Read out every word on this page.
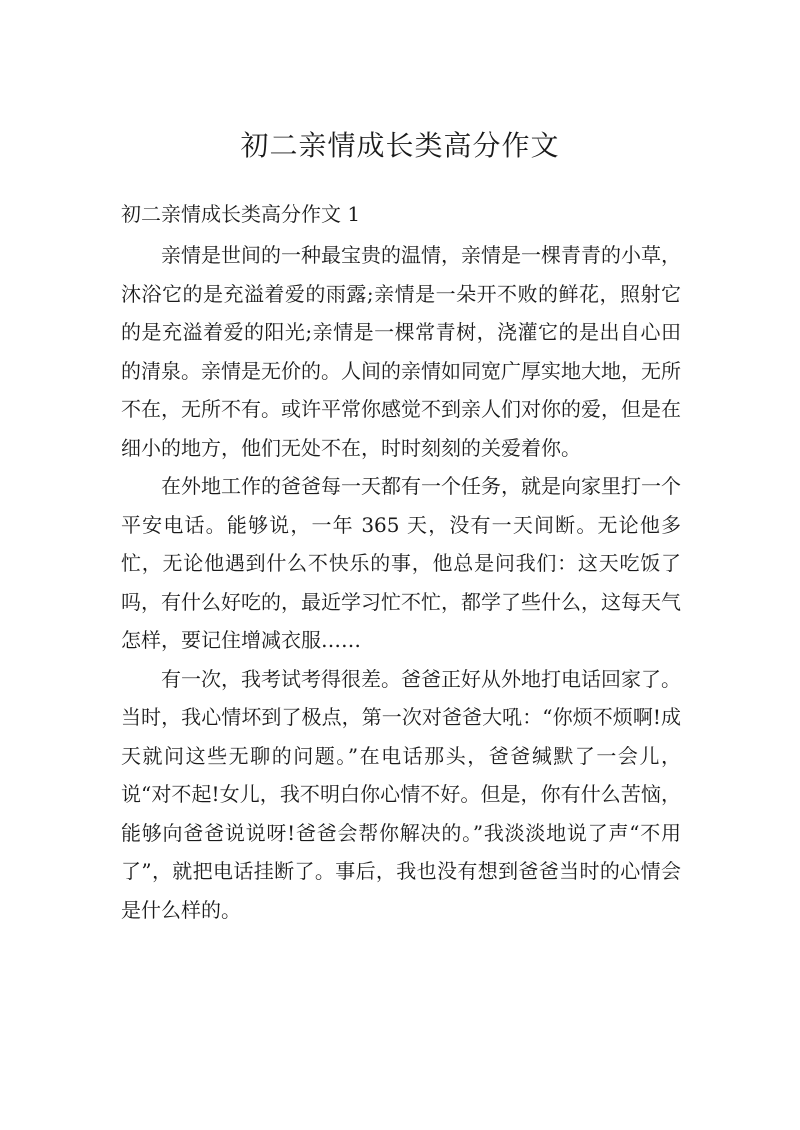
初二亲情成长类高分作文

初二亲情成长类高分作文 1

亲情是世间的一种最宝贵的温情，亲情是一棵青青的小草，沐浴它的是充溢着爱的雨露;亲情是一朵开不败的鲜花，照射它的是充溢着爱的阳光;亲情是一棵常青树，浇灌它的是出自心田的清泉。亲情是无价的。人间的亲情如同宽广厚实地大地，无所不在，无所不有。或许平常你感觉不到亲人们对你的爱，但是在细小的地方，他们无处不在，时时刻刻的关爱着你。

在外地工作的爸爸每一天都有一个任务，就是向家里打一个平安电话。能够说，一年 365 天，没有一天间断。无论他多忙，无论他遇到什么不快乐的事，他总是问我们：这天吃饭了吗，有什么好吃的，最近学习忙不忙，都学了些什么，这每天气怎样，要记住增减衣服……

有一次，我考试考得很差。爸爸正好从外地打电话回家了。当时，我心情坏到了极点，第一次对爸爸大吼：“你烦不烦啊!成天就问这些无聊的问题。”在电话那头，爸爸缄默了一会儿，说“对不起!女儿，我不明白你心情不好。但是，你有什么苦恼，能够向爸爸说说呀!爸爸会帮你解决的。”我淡淡地说了声“不用了”，就把电话挂断了。事后，我也没有想到爸爸当时的心情会是什么样的。
